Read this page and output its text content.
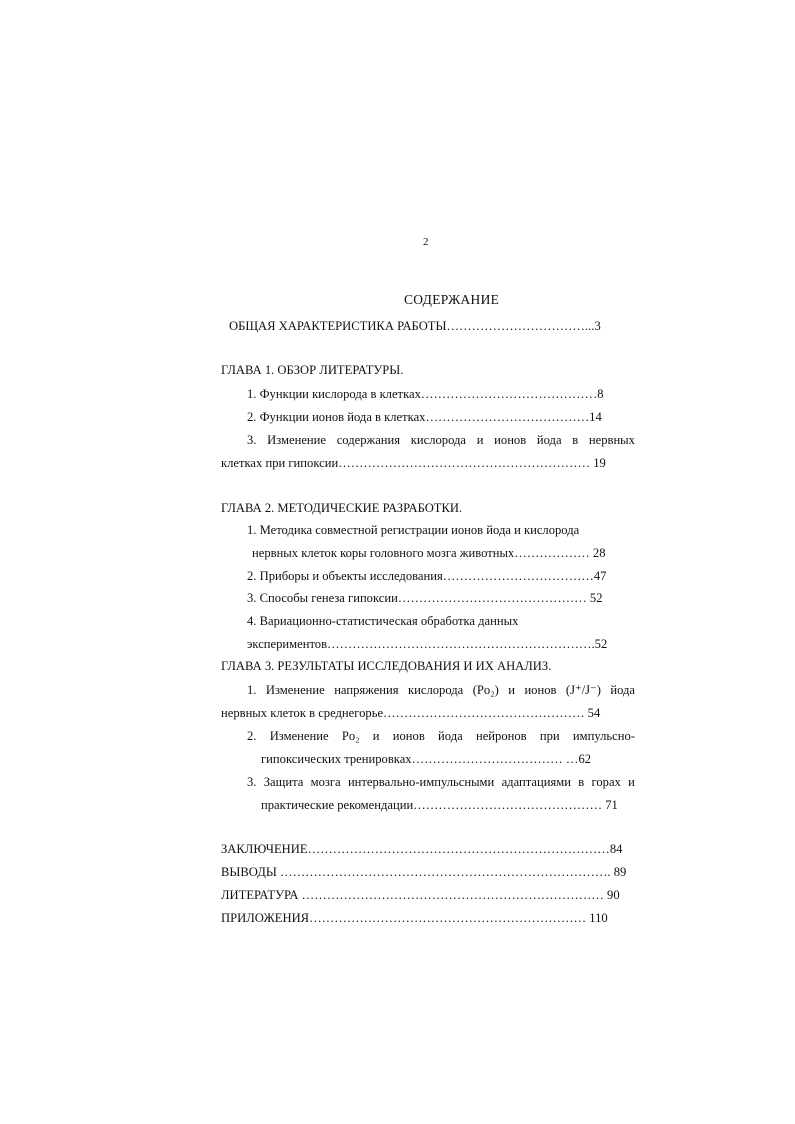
2
СОДЕРЖАНИЕ
ОБЩАЯ ХАРАКТЕРИСТИКА РАБОТЫ……………………………...3
ГЛАВА 1. ОБЗОР ЛИТЕРАТУРЫ.
1. Функции кислорода в клетках……………………………………8
2. Функции ионов йода в клетках…………………………………14
3. Изменение содержания кислорода и ионов йода в нервных
клетках при гипоксии…………………………………………………… 19
ГЛАВА 2. МЕТОДИЧЕСКИЕ РАЗРАБОТКИ.
1. Методика совместной регистрации ионов йода и кислорода
нервных клеток коры головного мозга животных……………… 28
2. Приборы и объекты исследования………………………………47
3. Способы генеза гипоксии……………………………………… 52
4. Вариационно-статистическая обработка данных
экспериментов……………………………………………………….52
ГЛАВА 3. РЕЗУЛЬТАТЫ ИССЛЕДОВАНИЯ И ИХ АНАЛИЗ.
1. Изменение напряжения кислорода (Po₂) и ионов (J⁺/J⁻) йода
нервных клеток в среднегорье………………………………………… 54
2. Изменение Po₂ и ионов йода нейронов при импульсно-
гипоксических тренировках……………………………… …62
3. Защита мозга интервально-импульсными адаптациями в горах и
практические рекомендации……………………………………… 71
ЗАКЛЮЧЕНИЕ………………………………………………………………84
ВЫВОДЫ ……………………………………………………………………. 89
ЛИТЕРАТУРА ……………………………………………………………… 90
ПРИЛОЖЕНИЯ………………………………………………………… 110
